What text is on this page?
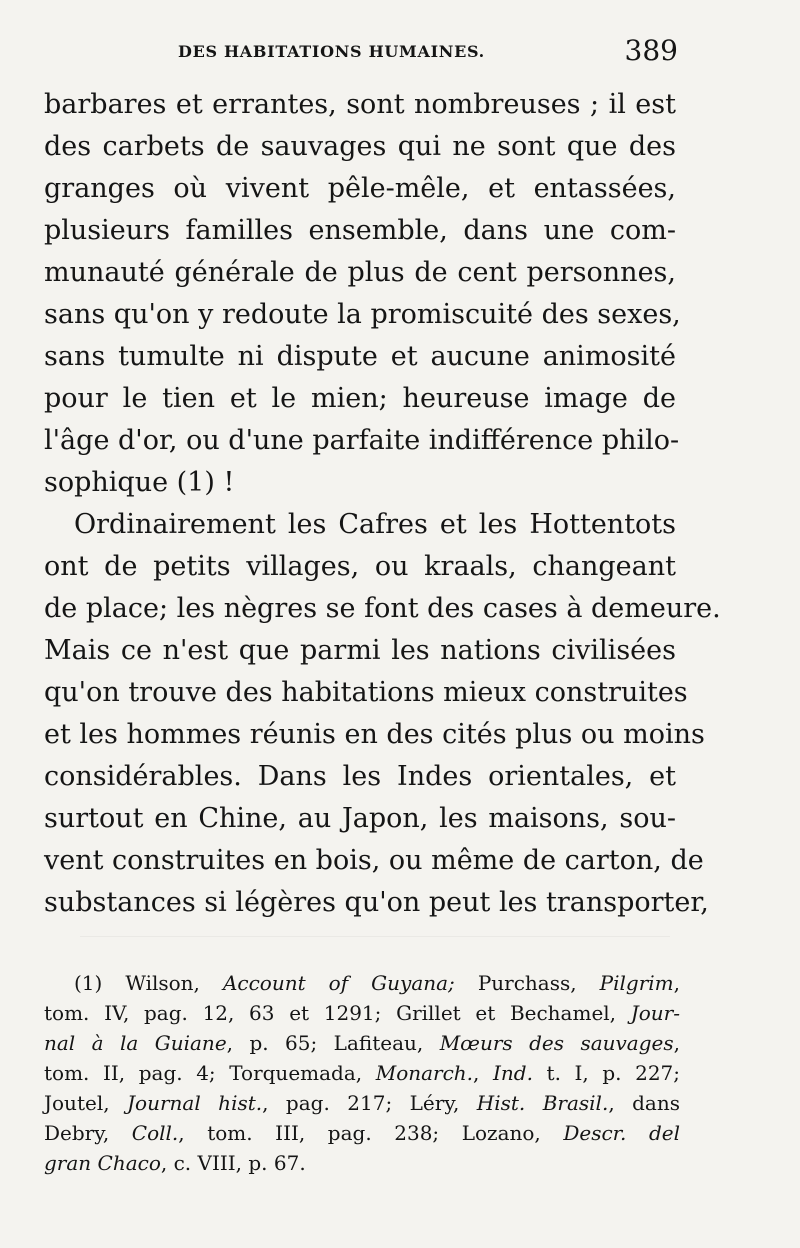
DES HABITATIONS HUMAINES.	389
barbares et errantes, sont nombreuses ; il est
des carbets de sauvages qui ne sont que des
granges où vivent pêle-mêle, et entassées,
plusieurs familles ensemble, dans une com-
munauté générale de plus de cent personnes,
sans qu'on y redoute la promiscuité des sexes,
sans tumulte ni dispute et aucune animosité
pour le tien et le mien; heureuse image de
l'âge d'or, ou d'une parfaite indifférence philo-
sophique (1) !
Ordinairement les Cafres et les Hottentots
ont de petits villages, ou kraals, changeant
de place; les nègres se font des cases à demeure.
Mais ce n'est que parmi les nations civilisées
qu'on trouve des habitations mieux construites
et les hommes réunis en des cités plus ou moins
considérables. Dans les Indes orientales, et
surtout en Chine, au Japon, les maisons, sou-
vent construites en bois, ou même de carton, de
substances si légères qu'on peut les transporter,
(1) Wilson, Account of Guyana; Purchass, Pilgrim,
tom. IV, pag. 12, 63 et 1291; Grillet et Bechamel, Jour-
nal à la Guiane, p. 65; Lafiteau, Mœurs des sauvages,
tom. II, pag. 4; Torquemada, Monarch., Ind. t. I, p. 227;
Joutel, Journal hist., pag. 217; Léry, Hist. Brasil., dans
Debry, Coll., tom. III, pag. 238; Lozano, Descr. del
gran Chaco, c. VIII, p. 67.
